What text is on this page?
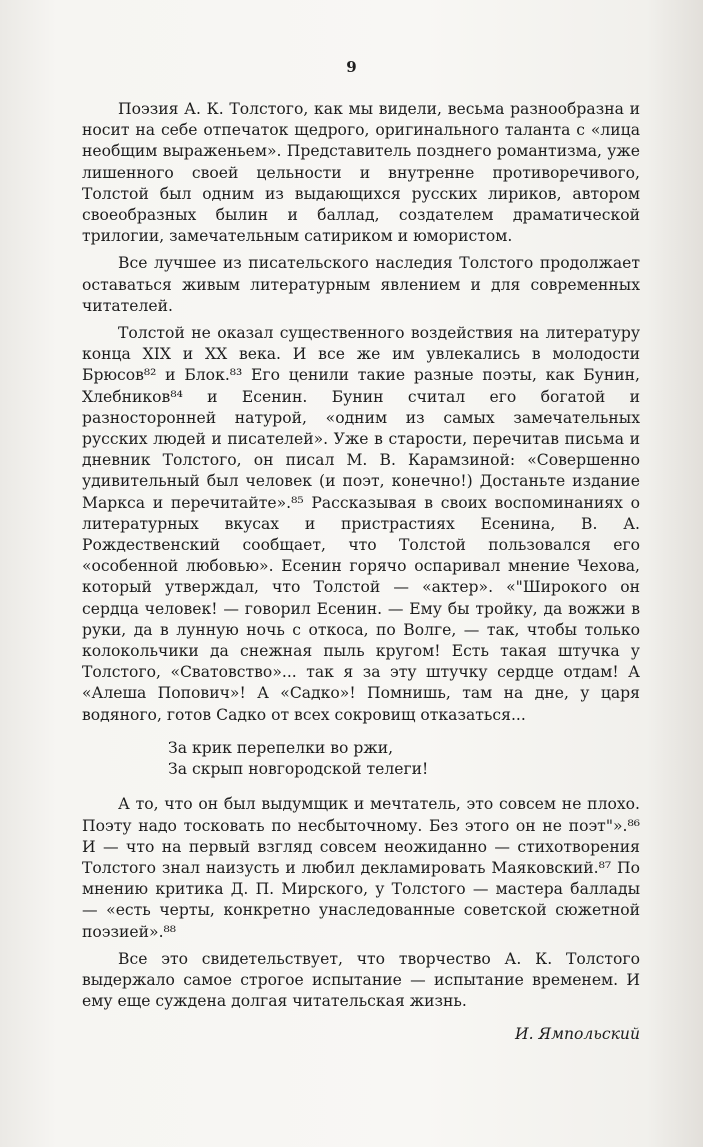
9

Поэзия А. К. Толстого, как мы видели, весьма разнообразна и носит на себе отпечаток щедрого, оригинального таланта с «лица необщим выраженьем». Представитель позднего романтизма, уже лишенного своей цельности и внутренне противоречивого, Толстой был одним из выдающихся русских лириков, автором своеобразных былин и баллад, создателем драматической трилогии, замечательным сатириком и юмористом.

Все лучшее из писательского наследия Толстого продолжает оставаться живым литературным явлением и для современных читателей.

Толстой не оказал существенного воздействия на литературу конца XIX и XX века. И все же им увлекались в молодости Брюсов⁸² и Блок.⁸³ Его ценили такие разные поэты, как Бунин, Хлебников⁸⁴ и Есенин. Бунин считал его богатой и разносторонней натурой, «одним из самых замечательных русских людей и писателей». Уже в старости, перечитав письма и дневник Толстого, он писал М. В. Карамзиной: «Совершенно удивительный был человек (и поэт, конечно!) Достаньте издание Маркса и перечитайте».⁸⁵ Рассказывая в своих воспоминаниях о литературных вкусах и пристрастиях Есенина, В. А. Рождественский сообщает, что Толстой пользовался его «особенной любовью». Есенин горячо оспаривал мнение Чехова, который утверждал, что Толстой — «актер». «"Широкого он сердца человек! — говорил Есенин. — Ему бы тройку, да вожжи в руки, да в лунную ночь с откоса, по Волге, — так, чтобы только колокольчики да снежная пыль кругом! Есть такая штучка у Толстого, «Сватовство»... так я за эту штучку сердце отдам! А «Алеша Попович»! А «Садко»! Помнишь, там на дне, у царя водяного, готов Садко от всех сокровищ отказаться...

За крик перепелки во ржи,
За скрып новгородской телеги!

А то, что он был выдумщик и мечтатель, это совсем не плохо. Поэту надо тосковать по несбыточному. Без этого он не поэт"».⁸⁶ И — что на первый взгляд совсем неожиданно — стихотворения Толстого знал наизусть и любил декламировать Маяковский.⁸⁷ По мнению критика Д. П. Мирского, у Толстого — мастера баллады — «есть черты, конкретно унаследованные советской сюжетной поэзией».⁸⁸

Все это свидетельствует, что творчество А. К. Толстого выдержало самое строгое испытание — испытание временем. И ему еще суждена долгая читательская жизнь.

И. Ямпольский
